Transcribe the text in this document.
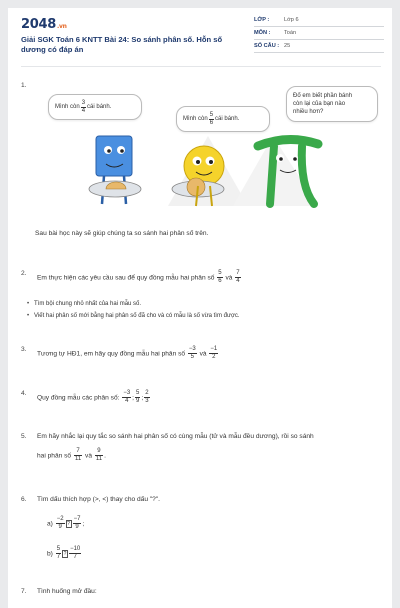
2048.vn
Giải SGK Toán 6 KNTT Bài 24: So sánh phân số. Hỗn số dương có đáp án
LỚP :	Lớp 6
MÔN :	Toán
SỐ CÂU : 25
1.
Mình còn $\frac{3}{4}$ cái bánh.
Mình còn $\frac{5}{6}$ cái bánh.
Đố em biết phần bánh
còn lại của bạn nào
nhiều hơn?
Sau bài học này sẽ giúp chúng ta so sánh hai phân số trên.
2.
Em thực hiện các yêu cầu sau để quy đồng mẫu hai phân số $\frac{5}{6}$ và $\frac{7}{4}$
• Tìm bội chung nhỏ nhất của hai mẫu số.
• Viết hai phân số mới bằng hai phân số đã cho và có mẫu là số vừa tìm được.
3.
Tương tự HĐ1, em hãy quy đồng mẫu hai phân số $\frac{-3}{5}$ và $\frac{-1}{2}$
4.
Quy đồng mẫu các phân số: $\frac{-3}{4}$ ; $\frac{5}{9}$ ; $\frac{2}{3}$
5. Em hãy nhắc lại quy tắc so sánh hai phân số có cùng mẫu (tử và mẫu đều dương), rồi so sánh
hai phân số $\frac{7}{11}$ và $\frac{9}{11}$ .
6. Tìm dấu thích hợp (>, <) thay cho dấu "?".
$a) \frac{-2}{9}$ ? $\frac{-7}{9}$ ;
$b) \frac{5}{7}$ ? $\frac{-10}{7}$
7. Tình huống mở đầu:
